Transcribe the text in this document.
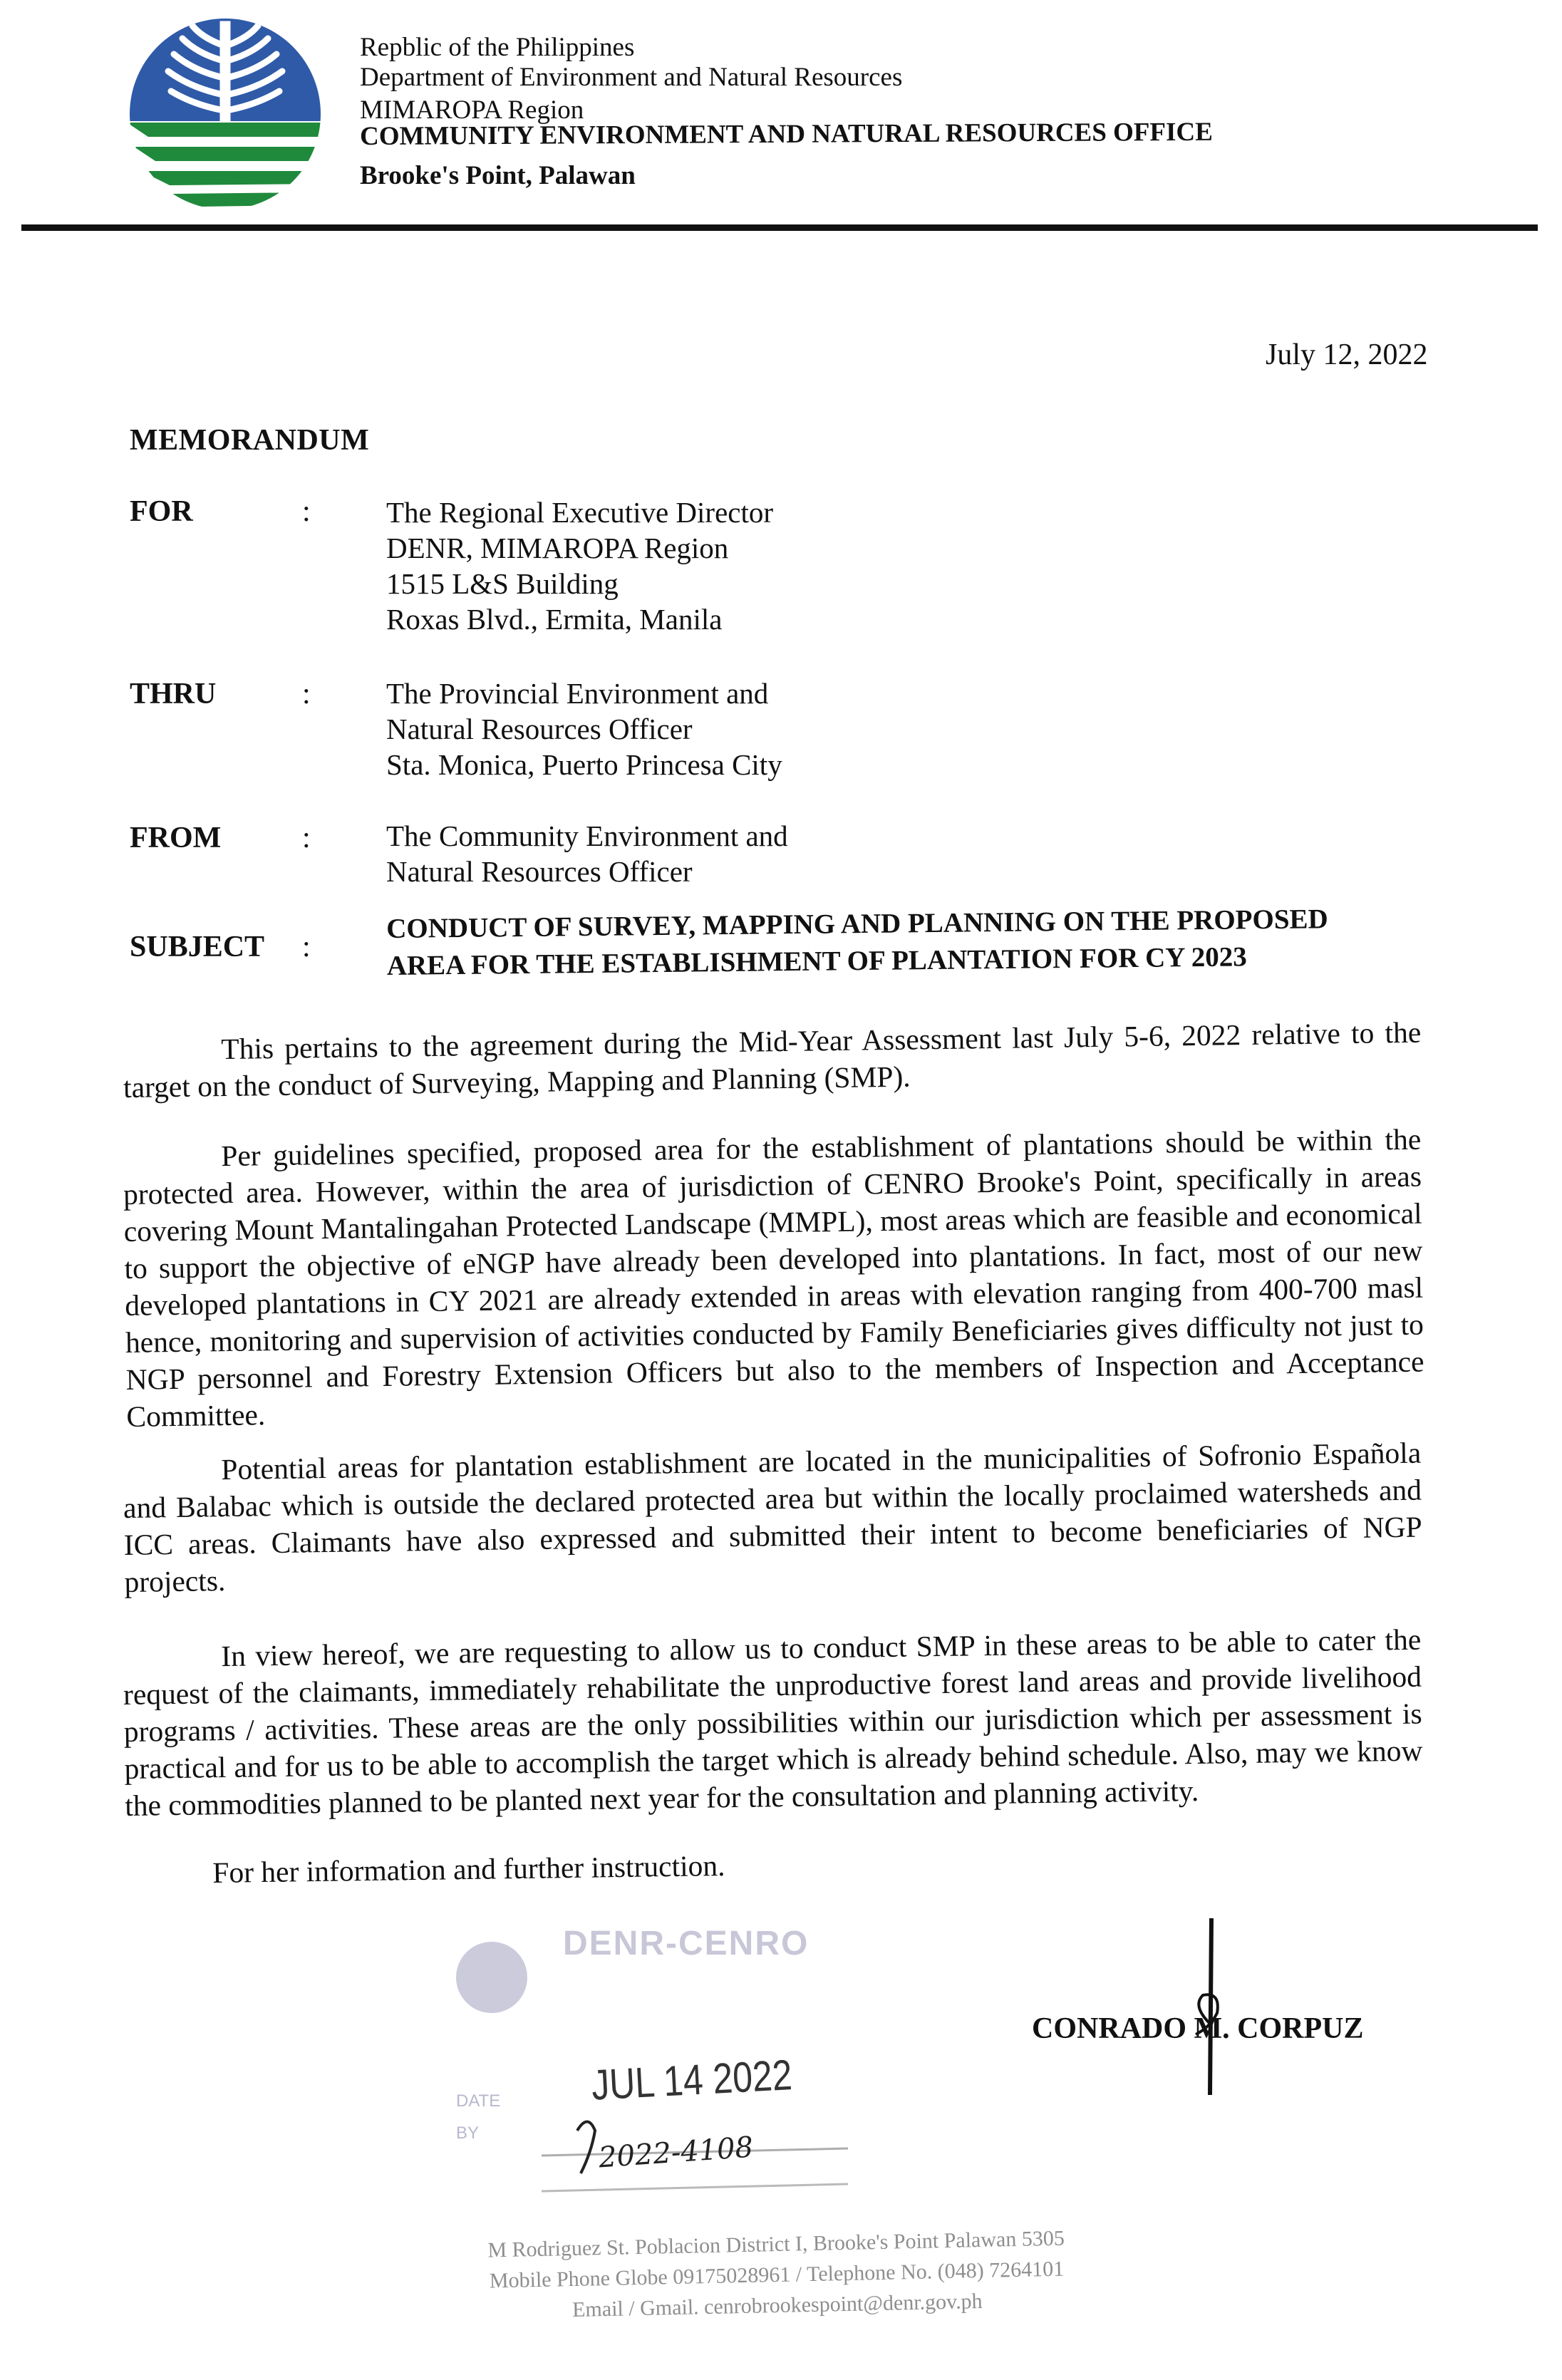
Repblic of the Philippines
Department of Environment and Natural Resources
MIMAROPA Region
COMMUNITY ENVIRONMENT AND NATURAL RESOURCES OFFICE
Brooke's Point, Palawan
July 12, 2022
MEMORANDUM
FOR	:	The Regional Executive Director
DENR, MIMAROPA Region
1515 L&S Building
Roxas Blvd., Ermita, Manila
THRU	:	The Provincial Environment and
Natural Resources Officer
Sta. Monica, Puerto Princesa City
FROM	:	The Community Environment and
Natural Resources Officer
SUBJECT :
CONDUCT OF SURVEY, MAPPING AND PLANNING ON THE PROPOSED
AREA FOR THE ESTABLISHMENT OF PLANTATION FOR CY 2023
This pertains to the agreement during the Mid-Year Assessment last July 5-6, 2022 relative to the target on the conduct of Surveying, Mapping and Planning (SMP).
Per guidelines specified, proposed area for the establishment of plantations should be within the protected area. However, within the area of jurisdiction of CENRO Brooke's Point, specifically in areas covering Mount Mantalingahan Protected Landscape (MMPL), most areas which are feasible and economical to support the objective of eNGP have already been developed into plantations. In fact, most of our new developed plantations in CY 2021 are already extended in areas with elevation ranging from 400-700 masl hence, monitoring and supervision of activities conducted by Family Beneficiaries gives difficulty not just to NGP personnel and Forestry Extension Officers but also to the members of Inspection and Acceptance Committee.
Potential areas for plantation establishment are located in the municipalities of Sofronio Española and Balabac which is outside the declared protected area but within the locally proclaimed watersheds and ICC areas. Claimants have also expressed and submitted their intent to become beneficiaries of NGP projects.
In view hereof, we are requesting to allow us to conduct SMP in these areas to be able to cater the request of the claimants, immediately rehabilitate the unproductive forest land areas and provide livelihood programs / activities. These areas are the only possibilities within our jurisdiction which per assessment is practical and for us to be able to accomplish the target which is already behind schedule. Also, may we know the commodities planned to be planted next year for the consultation and planning activity.
For her information and further instruction.
DENR-CENRO
DATE
BY
JUL 14 2022
2022-4108
CONRADO M. CORPUZ
M Rodriguez St. Poblacion District I, Brooke's Point Palawan 5305
Mobile Phone Globe 09175028961 / Telephone No. (048) 7264101
Email / Gmail. cenrobrookespoint@denr.gov.ph
